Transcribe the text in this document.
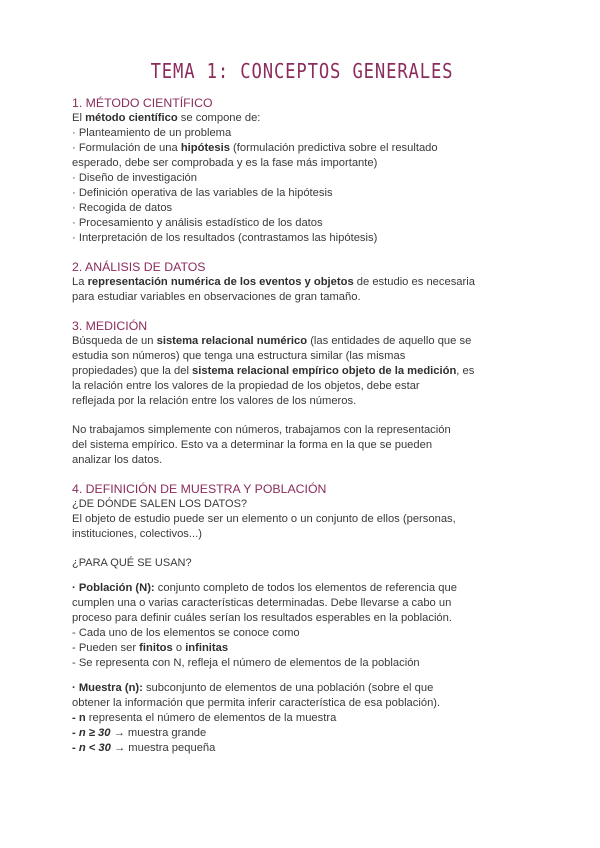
TEMA 1: CONCEPTOS GENERALES
1. MÉTODO CIENTÍFICO
El método científico se compone de:
· Planteamiento de un problema
· Formulación de una hipótesis (formulación predictiva sobre el resultado
esperado, debe ser comprobada y es la fase más importante)
· Diseño de investigación
· Definición operativa de las variables de la hipótesis
· Recogida de datos
· Procesamiento y análisis estadístico de los datos
· Interpretación de los resultados (contrastamos las hipótesis)
2. ANÁLISIS DE DATOS
La representación numérica de los eventos y objetos de estudio es necesaria
para estudiar variables en observaciones de gran tamaño.
3. MEDICIÓN
Búsqueda de un sistema relacional numérico (las entidades de aquello que se
estudia son números) que tenga una estructura similar (las mismas
propiedades) que la del sistema relacional empírico objeto de la medición, es
la relación entre los valores de la propiedad de los objetos, debe estar
reflejada por la relación entre los valores de los números.
No trabajamos simplemente con números, trabajamos con la representación
del sistema empírico. Esto va a determinar la forma en la que se pueden
analizar los datos.
4. DEFINICIÓN DE MUESTRA Y POBLACIÓN
¿DE DÓNDE SALEN LOS DATOS?
El objeto de estudio puede ser un elemento o un conjunto de ellos (personas,
instituciones, colectivos...)
¿PARA QUÉ SE USAN?
· Población (N): conjunto completo de todos los elementos de referencia que
cumplen una o varias características determinadas. Debe llevarse a cabo un
proceso para definir cuáles serían los resultados esperables en la población.
- Cada uno de los elementos se conoce como
- Pueden ser finitos o infinitas
- Se representa con N, refleja el número de elementos de la población
· Muestra (n): subconjunto de elementos de una población (sobre el que
obtener la información que permita inferir característica de esa población).
- n representa el número de elementos de la muestra
- n ≥ 30 → muestra grande
- n < 30 → muestra pequeña
